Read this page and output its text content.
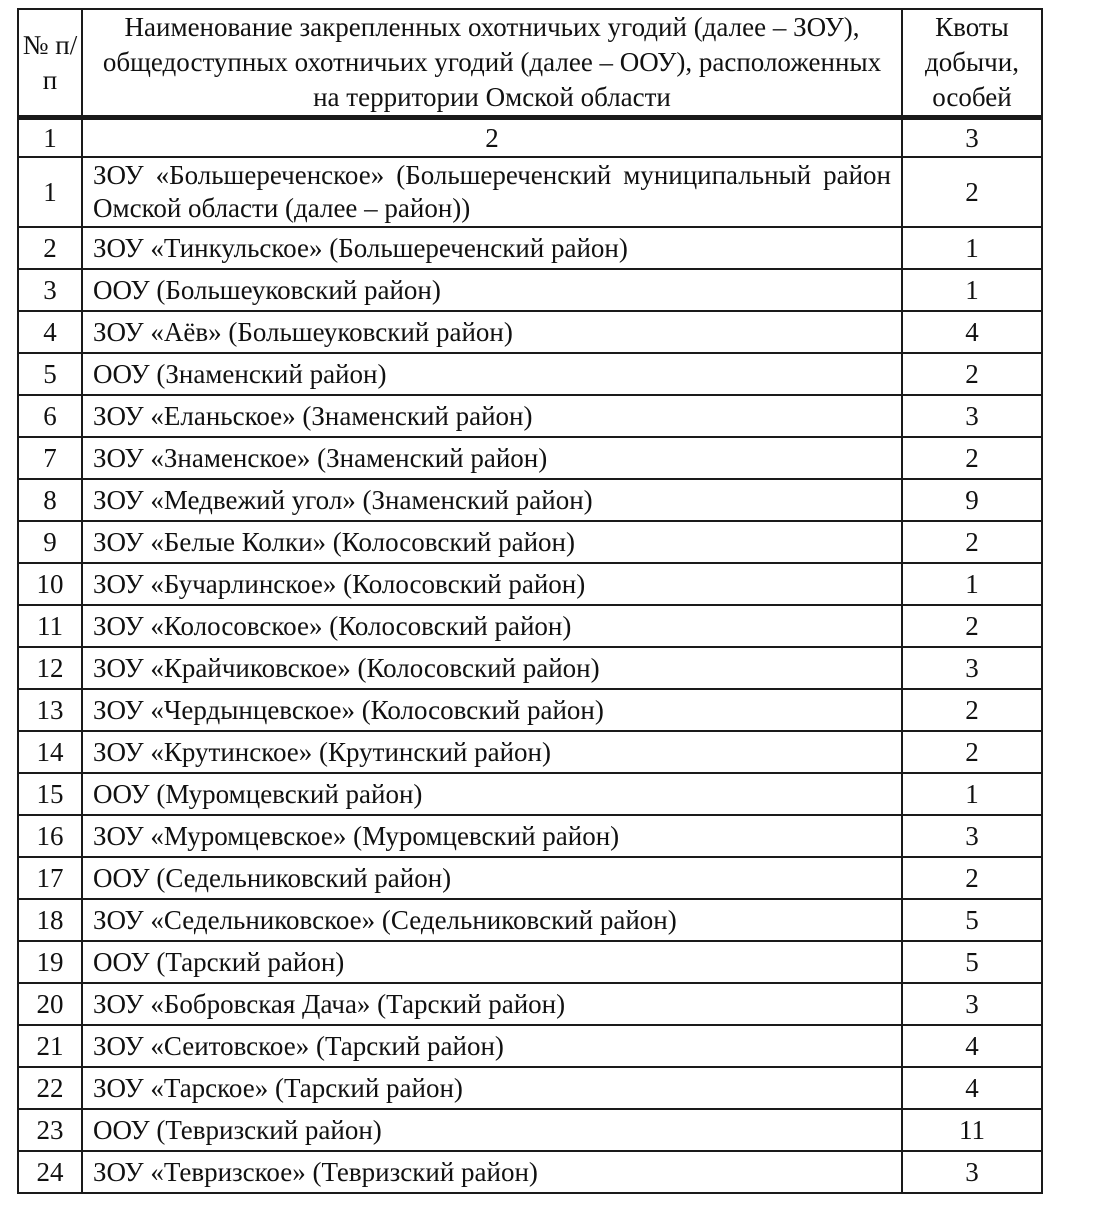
№ п/п	Наименование закрепленных охотничьих угодий (далее – ЗОУ), общедоступных охотничьих угодий (далее – ООУ), расположенных на территории Омской области	Квоты добычи, особей
1	2	3
1	ЗОУ «Большереченское» (Большереченский муниципальный район Омской области (далее – район))	2
2	ЗОУ «Тинкульское» (Большереченский район)	1
3	ООУ (Большеуковский район)	1
4	ЗОУ «Аёв» (Большеуковский район)	4
5	ООУ (Знаменский район)	2
6	ЗОУ «Еланьское» (Знаменский район)	3
7	ЗОУ «Знаменское» (Знаменский район)	2
8	ЗОУ «Медвежий угол» (Знаменский район)	9
9	ЗОУ «Белые Колки» (Колосовский район)	2
10	ЗОУ «Бучарлинское» (Колосовский район)	1
11	ЗОУ «Колосовское» (Колосовский район)	2
12	ЗОУ «Крайчиковское» (Колосовский район)	3
13	ЗОУ «Чердынцевское» (Колосовский район)	2
14	ЗОУ «Крутинское» (Крутинский район)	2
15	ООУ (Муромцевский район)	1
16	ЗОУ «Муромцевское» (Муромцевский район)	3
17	ООУ (Седельниковский район)	2
18	ЗОУ «Седельниковское» (Седельниковский район)	5
19	ООУ (Тарский район)	5
20	ЗОУ «Бобровская Дача» (Тарский район)	3
21	ЗОУ «Сеитовское» (Тарский район)	4
22	ЗОУ «Тарское» (Тарский район)	4
23	ООУ (Тевризский район)	11
24	ЗОУ «Тевризское» (Тевризский район)	3
